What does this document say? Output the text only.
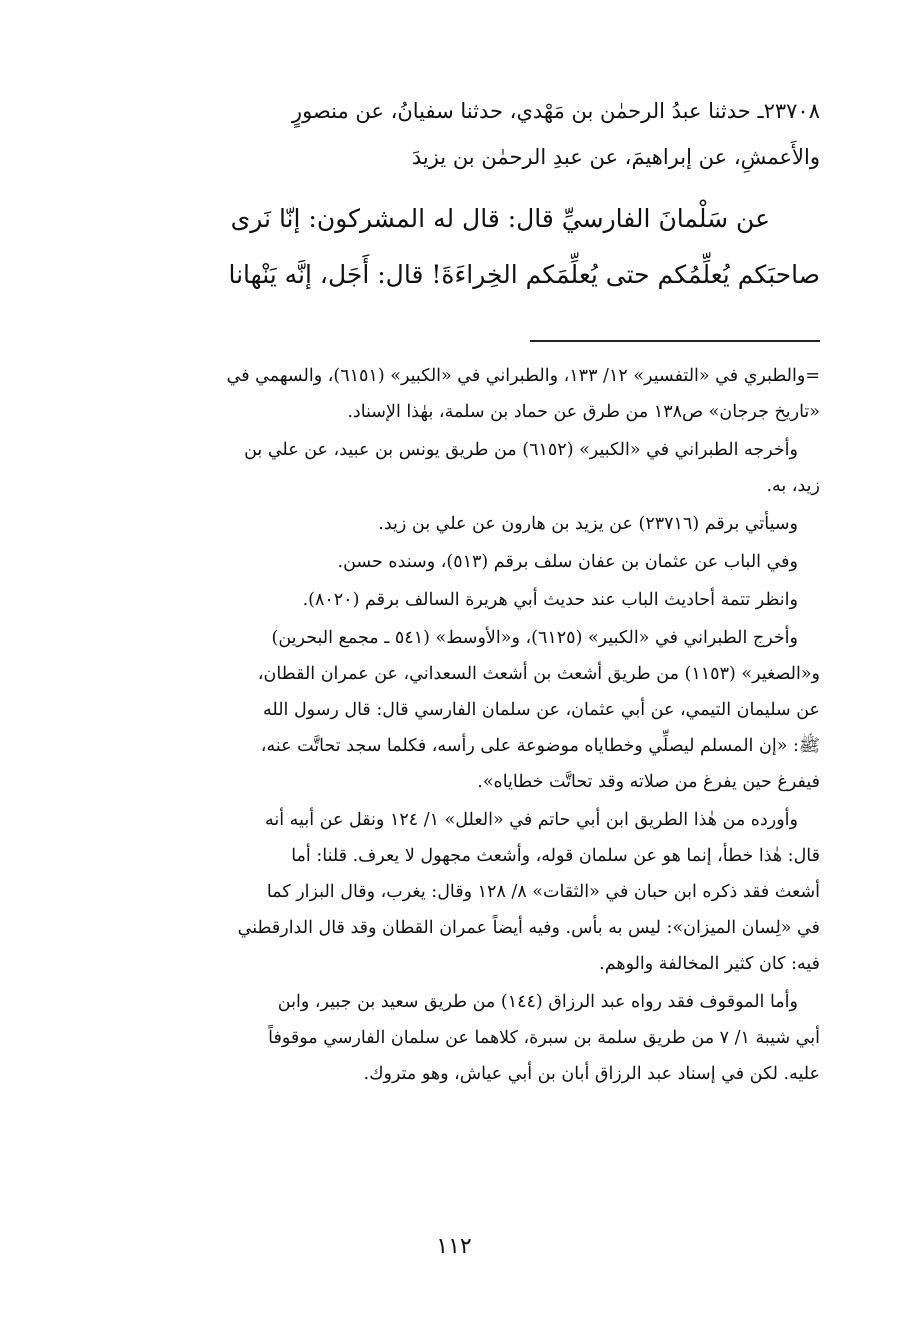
٢٣٧٠٨ـ حدثنا عبدُ الرحمٰن بن مَهْدي، حدثنا سفيانُ، عن منصورٍ
والأَعمشِ، عن إبراهيمَ، عن عبدِ الرحمٰن بن يزيدَ
عن سَلْمانَ الفارسيِّ قال: قال له المشركون: إنّا نَرى
صاحبَكم يُعلِّمُكم حتى يُعلِّمَكم الخِراءَةَ! قال: أَجَل، إنَّه يَنْهانا
=والطبري في «التفسير» ١٢/ ١٣٣، والطبراني في «الكبير» (٦١٥١)، والسهمي في
«تاريخ جرجان» ص١٣٨ من طرق عن حماد بن سلمة، بهٰذا الإسناد.
وأخرجه الطبراني في «الكبير» (٦١٥٢) من طريق يونس بن عبيد، عن علي بن
زيد، به.
وسيأتي برقم (٢٣٧١٦) عن يزيد بن هارون عن علي بن زيد.
وفي الباب عن عثمان بن عفان سلف برقم (٥١٣)، وسنده حسن.
وانظر تتمة أحاديث الباب عند حديث أبي هريرة السالف برقم (٨٠٢٠).
وأخرج الطبراني في «الكبير» (٦١٢٥)، و«الأوسط» (٥٤١ ـ مجمع البحرين)
و«الصغير» (١١٥٣) من طريق أشعث بن أشعث السعداني، عن عمران القطان،
عن سليمان التيمي، عن أبي عثمان، عن سلمان الفارسي قال: قال رسول الله
ﷺ: «إن المسلم ليصلِّي وخطاياه موضوعة على رأسه، فكلما سجد تحاتَّت عنه،
فيفرغ حين يفرغ من صلاته وقد تحاتَّت خطاياه».
وأورده من هٰذا الطريق ابن أبي حاتم في «العلل» ١/ ١٢٤ ونقل عن أبيه أنه
قال: هٰذا خطأ، إنما هو عن سلمان قوله، وأشعث مجهول لا يعرف. قلنا: أما
أشعث فقد ذكره ابن حبان في «الثقات» ٨/ ١٢٨ وقال: يغرب، وقال البزار كما
في «لِسان الميزان»: ليس به بأس. وفيه أيضاً عمران القطان وقد قال الدارقطني
فيه: كان كثير المخالفة والوهم.
وأما الموقوف فقد رواه عبد الرزاق (١٤٤) من طريق سعيد بن جبير، وابن
أبي شيبة ١/ ٧ من طريق سلمة بن سبرة، كلاهما عن سلمان الفارسي موقوفاً
عليه. لكن في إسناد عبد الرزاق أبان بن أبي عياش، وهو متروك.
١١٢
